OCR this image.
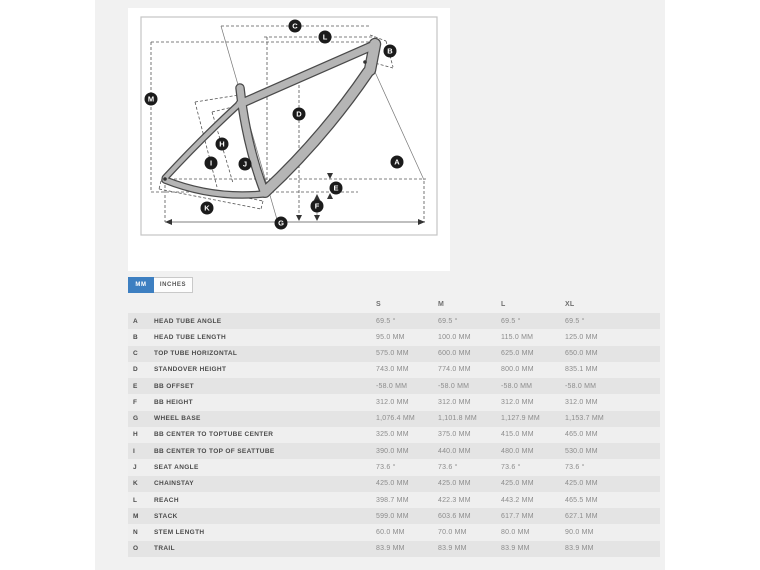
A
B
C
D
E
F
G
H
I	J
K
L
M
MM	INCHES
S	M	L	XL
A	HEAD TUBE ANGLE	69.5 °	69.5 °	69.5 °	69.5 °
B	HEAD TUBE LENGTH	95.0 MM	100.0 MM	115.0 MM	125.0 MM
C	TOP TUBE HORIZONTAL	575.0 MM	600.0 MM	625.0 MM	650.0 MM
D	STANDOVER HEIGHT	743.0 MM	774.0 MM	800.0 MM	835.1 MM
E	BB OFFSET	-58.0 MM	-58.0 MM	-58.0 MM	-58.0 MM
F	BB HEIGHT	312.0 MM	312.0 MM	312.0 MM	312.0 MM
G	WHEEL BASE	1,076.4 MM	1,101.8 MM	1,127.9 MM	1,153.7 MM
H	BB CENTER TO TOPTUBE CENTER	325.0 MM	375.0 MM	415.0 MM	465.0 MM
I	BB CENTER TO TOP OF SEATTUBE	390.0 MM	440.0 MM	480.0 MM	530.0 MM
J	SEAT ANGLE	73.6 °	73.6 °	73.6 °	73.6 °
K	CHAINSTAY	425.0 MM	425.0 MM	425.0 MM	425.0 MM
L	REACH	398.7 MM	422.3 MM	443.2 MM	465.5 MM
M	STACK	599.0 MM	603.6 MM	617.7 MM	627.1 MM
N	STEM LENGTH	60.0 MM	70.0 MM	80.0 MM	90.0 MM
O	TRAIL	83.9 MM	83.9 MM	83.9 MM	83.9 MM
